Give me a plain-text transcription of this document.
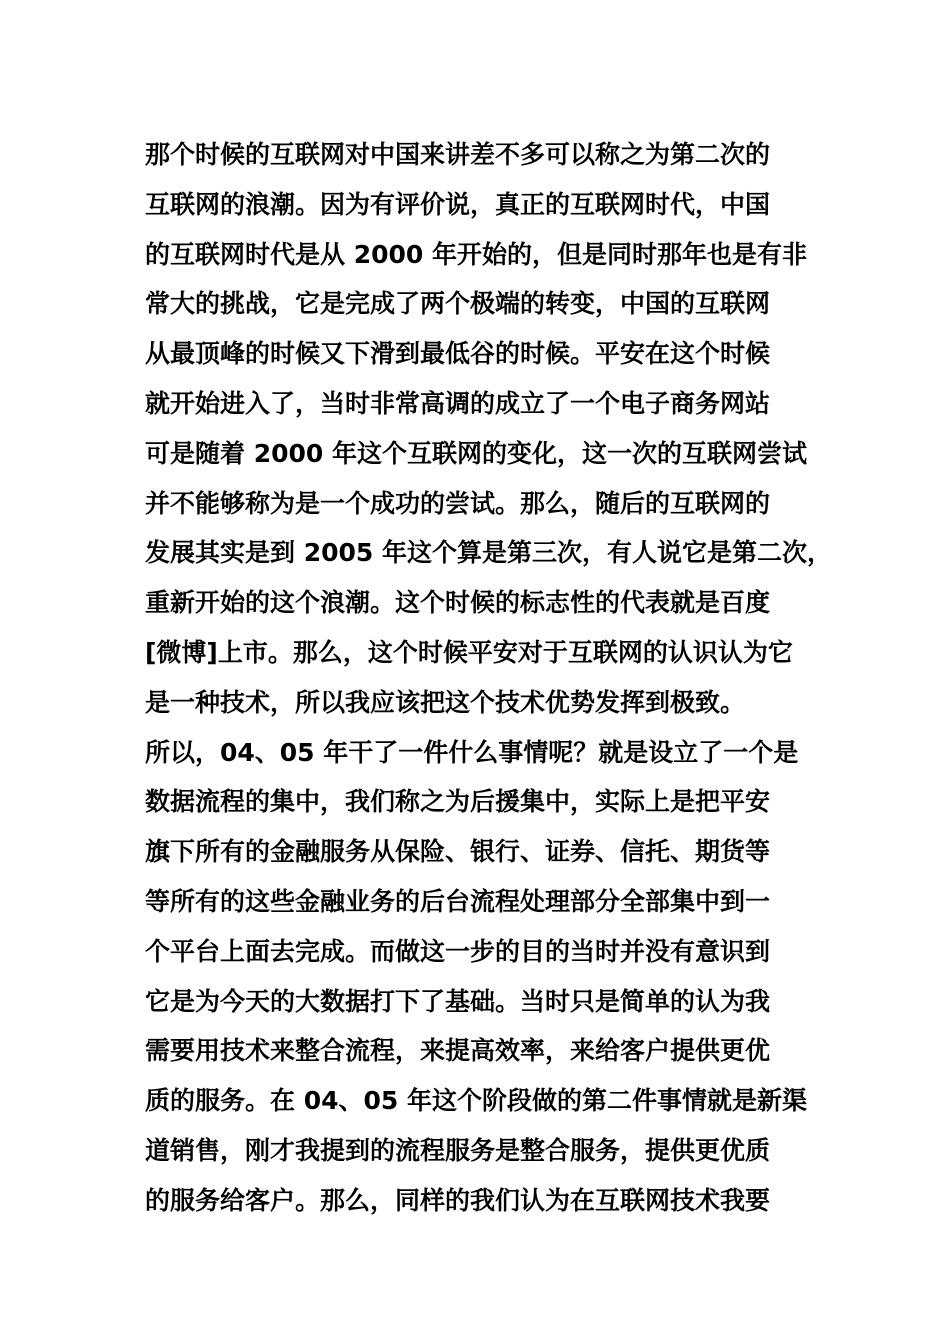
那个时候的互联网对中国来讲差不多可以称之为第二次的
互联网的浪潮。因为有评价说，真正的互联网时代，中国
的互联网时代是从 2000 年开始的，但是同时那年也是有非
常大的挑战，它是完成了两个极端的转变，中国的互联网
从最顶峰的时候又下滑到最低谷的时候。平安在这个时候
就开始进入了，当时非常高调的成立了一个电子商务网站
可是随着 2000 年这个互联网的变化，这一次的互联网尝试
并不能够称为是一个成功的尝试。那么，随后的互联网的
发展其实是到 2005 年这个算是第三次，有人说它是第二次，
重新开始的这个浪潮。这个时候的标志性的代表就是百度
[微博]上市。那么，这个时候平安对于互联网的认识认为它
是一种技术，所以我应该把这个技术优势发挥到极致。
所以，04、05 年干了一件什么事情呢？就是设立了一个是
数据流程的集中，我们称之为后援集中，实际上是把平安
旗下所有的金融服务从保险、银行、证券、信托、期货等
等所有的这些金融业务的后台流程处理部分全部集中到一
个平台上面去完成。而做这一步的目的当时并没有意识到
它是为今天的大数据打下了基础。当时只是简单的认为我
需要用技术来整合流程，来提高效率，来给客户提供更优
质的服务。在 04、05 年这个阶段做的第二件事情就是新渠
道销售，刚才我提到的流程服务是整合服务，提供更优质
的服务给客户。那么，同样的我们认为在互联网技术我要
